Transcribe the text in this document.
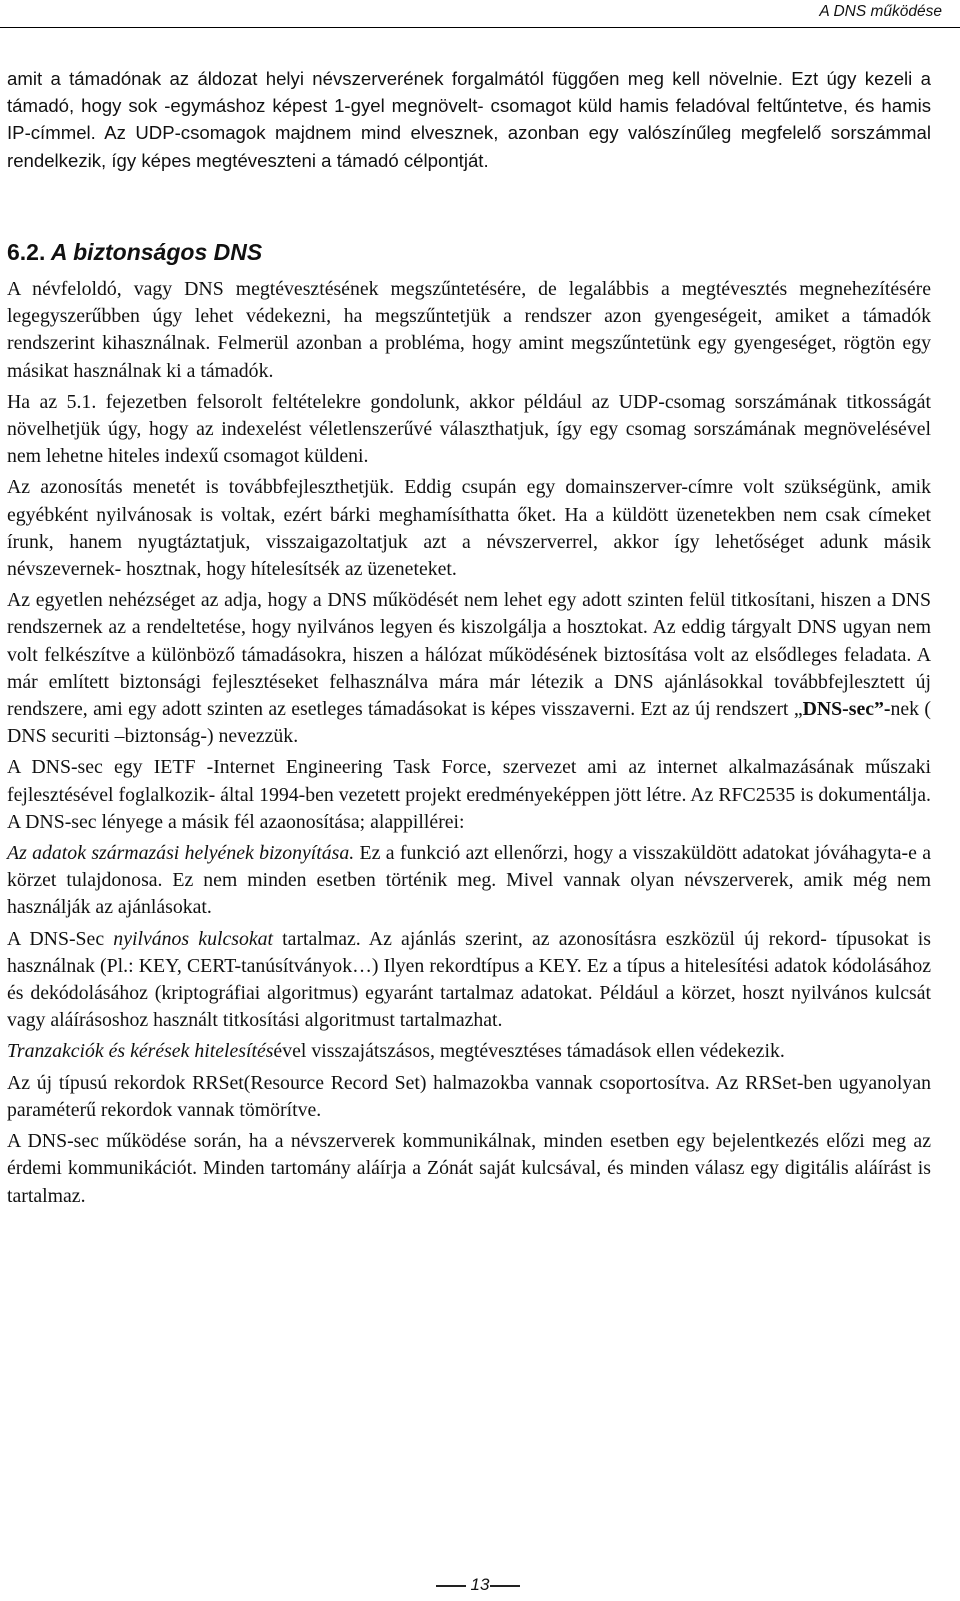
A DNS működése

amit a támadónak az áldozat helyi névszerverének forgalmától függően meg kell növelnie. Ezt úgy kezeli a támadó, hogy sok -egymáshoz képest 1-gyel megnövelt- csomagot küld hamis feladóval feltűntetve, és hamis IP-címmel. Az UDP-csomagok majdnem mind elvesznek, azonban egy valószínűleg megfelelő sorszámmal rendelkezik, így képes megtéveszteni a támadó célpontját.

6.2. A biztonságos DNS

A névfeloldó, vagy DNS megtévesztésének megszűntetésére, de legalábbis a megtévesztés megnehezítésére legegyszerűbben úgy lehet védekezni, ha megszűntetjük a rendszer azon gyengeségeit, amiket a támadók rendszerint kihasználnak. Felmerül azonban a probléma, hogy amint megszűntetünk egy gyengeséget, rögtön egy másikat használnak ki a támadók.

Ha az 5.1. fejezetben felsorolt feltételekre gondolunk, akkor például az UDP-csomag sorszámának titkosságát növelhetjük úgy, hogy az indexelést véletlenszerűvé választhatjuk, így egy csomag sorszámának megnövelésével nem lehetne hiteles indexű csomagot küldeni.

Az azonosítás menetét is továbbfejleszthetjük. Eddig csupán egy domainszerver-címre volt szükségünk, amik egyébként nyilvánosak is voltak, ezért bárki meghamísíthatta őket. Ha a küldött üzenetekben nem csak címeket írunk, hanem nyugtáztatjuk, visszaigazoltatjuk azt a névszerverrel, akkor így lehetőséget adunk másik névszevernek- hosztnak, hogy hítelesítsék az üzeneteket.

Az egyetlen nehézséget az adja, hogy a DNS működését nem lehet egy adott szinten felül titkosítani, hiszen a DNS rendszernek az a rendeltetése, hogy nyilvános legyen és kiszolgálja a hosztokat. Az eddig tárgyalt DNS ugyan nem volt felkészítve a különböző támadásokra, hiszen a hálózat működésének biztosítása volt az elsődleges feladata. A már említett biztonsági fejlesztéseket felhasználva mára már létezik a DNS ajánlásokkal továbbfejlesztett új rendszere, ami egy adott szinten az esetleges támadásokat is képes visszaverni. Ezt az új rendszert „DNS-sec”-nek ( DNS securiti –biztonság-) nevezzük.

A DNS-sec egy IETF -Internet Engineering Task Force, szervezet ami az internet alkalmazásának műszaki fejlesztésével foglalkozik- által 1994-ben vezetett projekt eredményeképpen jött létre. Az RFC2535 is dokumentálja. A DNS-sec lényege a másik fél azaonosítása; alappillérei:

Az adatok származási helyének bizonyítása. Ez a funkció azt ellenőrzi, hogy a visszaküldött adatokat jóváhagyta-e a körzet tulajdonosa. Ez nem minden esetben történik meg. Mivel vannak olyan névszerverek, amik még nem használják az ajánlásokat.

A DNS-Sec nyilvános kulcsokat tartalmaz. Az ajánlás szerint, az azonosításra eszközül új rekord- típusokat is használnak (Pl.: KEY, CERT-tanúsítványok…) Ilyen rekordtípus a KEY. Ez a típus a hitelesítési adatok kódolásához és dekódolásához (kriptográfiai algoritmus) egyaránt tartalmaz adatokat. Például a körzet, hoszt nyilvános kulcsát vagy aláírásoshoz használt titkosítási algoritmust tartalmazhat.

Tranzakciók és kérések hitelesítésével visszajátszásos, megtévesztéses támadások ellen védekezik.

Az új típusú rekordok RRSet(Resource Record Set) halmazokba vannak csoportosítva. Az RRSet-ben ugyanolyan paraméterű rekordok vannak tömörítve.

A DNS-sec működése során, ha a névszerverek kommunikálnak, minden esetben egy bejelentkezés előzi meg az érdemi kommunikációt. Minden tartomány aláírja a Zónát saját kulcsával, és minden válasz egy digitális aláírást is tartalmaz.

13
